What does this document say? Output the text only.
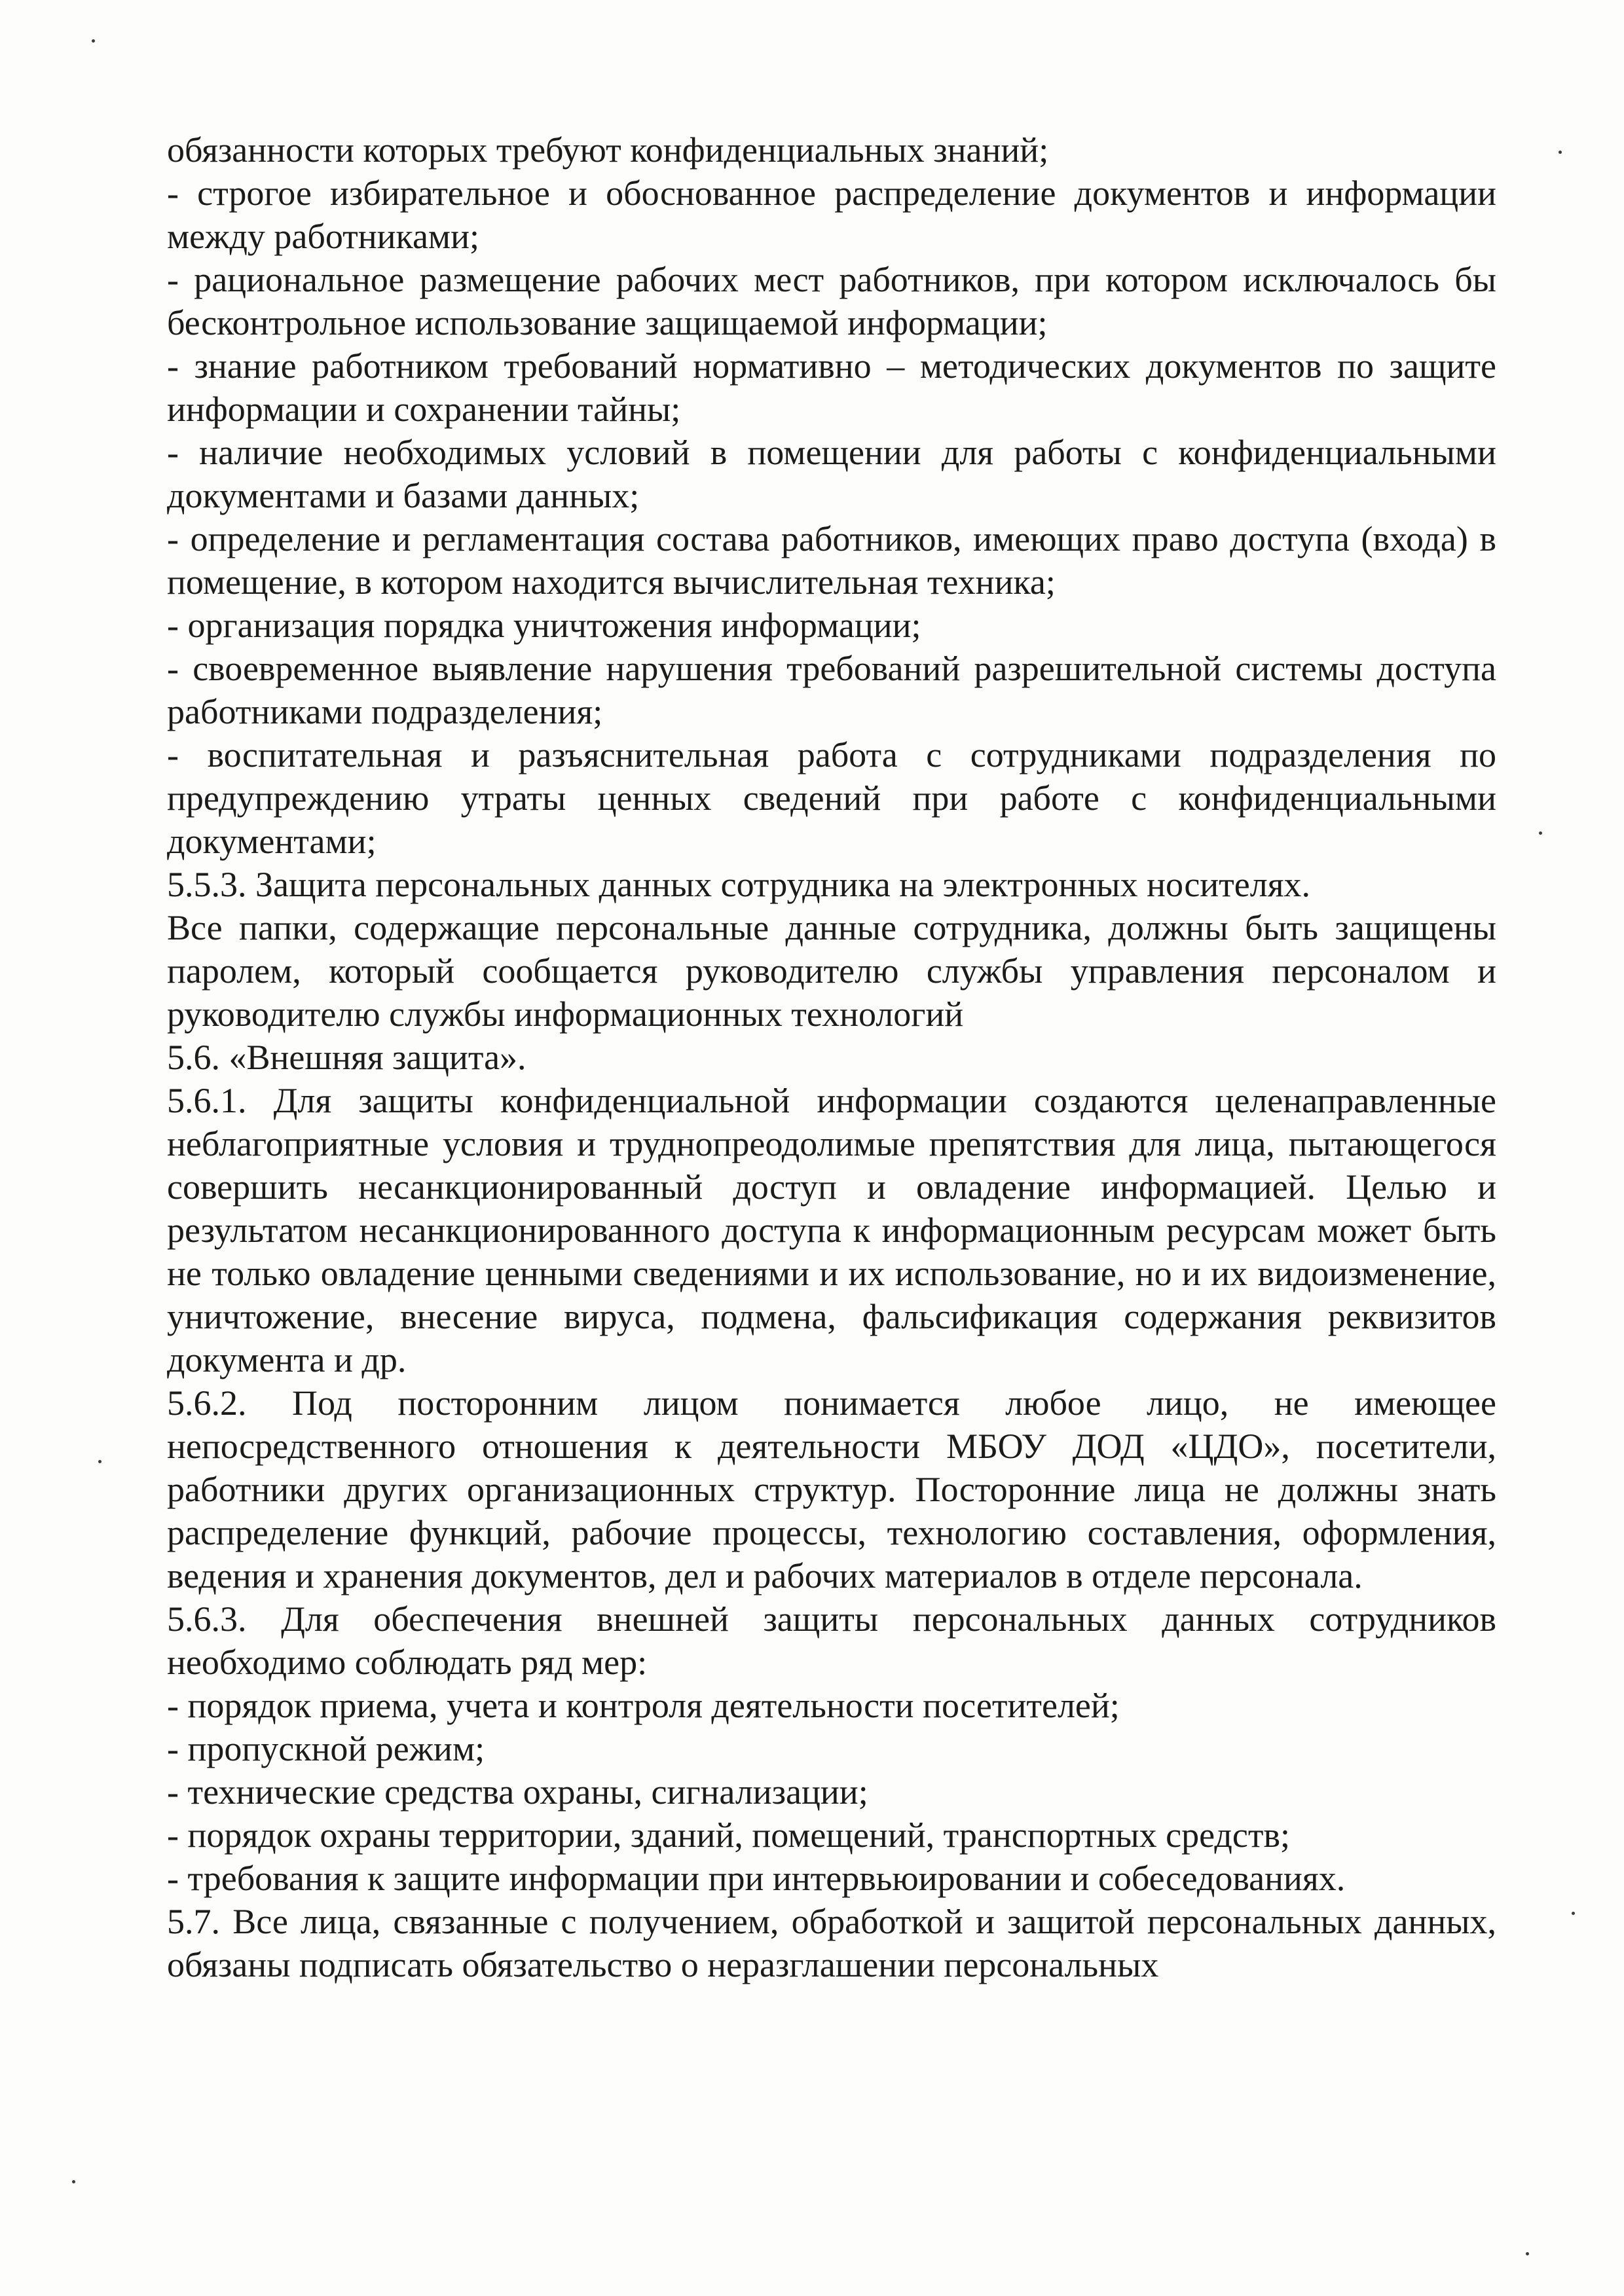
обязанности которых требуют конфиденциальных знаний;

- строгое избирательное и обоснованное распределение документов и информации между работниками;

- рациональное размещение рабочих мест работников, при котором исключалось бы бесконтрольное использование защищаемой информации;

- знание работником требований нормативно – методических документов по защите информации и сохранении тайны;

- наличие необходимых условий в помещении для работы с конфиденциальными документами и базами данных;

- определение и регламентация состава работников, имеющих право доступа (входа) в помещение, в котором находится вычислительная техника;

- организация порядка уничтожения информации;

- своевременное выявление нарушения требований разрешительной системы доступа работниками подразделения;

- воспитательная и разъяснительная работа с сотрудниками подразделения по предупреждению утраты ценных сведений при работе с конфиденциальными документами;

5.5.3. Защита персональных данных сотрудника на электронных носителях.

Все папки, содержащие персональные данные сотрудника, должны быть защищены паролем, который сообщается руководителю службы управления персоналом и руководителю службы информационных технологий

5.6. «Внешняя защита».

5.6.1. Для защиты конфиденциальной информации создаются целенаправленные неблагоприятные условия и труднопреодолимые препятствия для лица, пытающегося совершить несанкционированный доступ и овладение информацией. Целью и результатом несанкционированного доступа к информационным ресурсам может быть не только овладение ценными сведениями и их использование, но и их видоизменение, уничтожение, внесение вируса, подмена, фальсификация содержания реквизитов документа и др.

5.6.2. Под посторонним лицом понимается любое лицо, не имеющее непосредственного отношения к деятельности МБОУ ДОД «ЦДО», посетители, работники других организационных структур. Посторонние лица не должны знать распределение функций, рабочие процессы, технологию составления, оформления, ведения и хранения документов, дел и рабочих материалов в отделе персонала.

5.6.3. Для обеспечения внешней защиты персональных данных сотрудников необходимо соблюдать ряд мер:

- порядок приема, учета и контроля деятельности посетителей;

- пропускной режим;

- технические средства охраны, сигнализации;

- порядок охраны территории, зданий, помещений, транспортных средств;

- требования к защите информации при интервьюировании и собеседованиях.

5.7. Все лица, связанные с получением, обработкой и защитой персональных данных, обязаны подписать обязательство о неразглашении персональных
